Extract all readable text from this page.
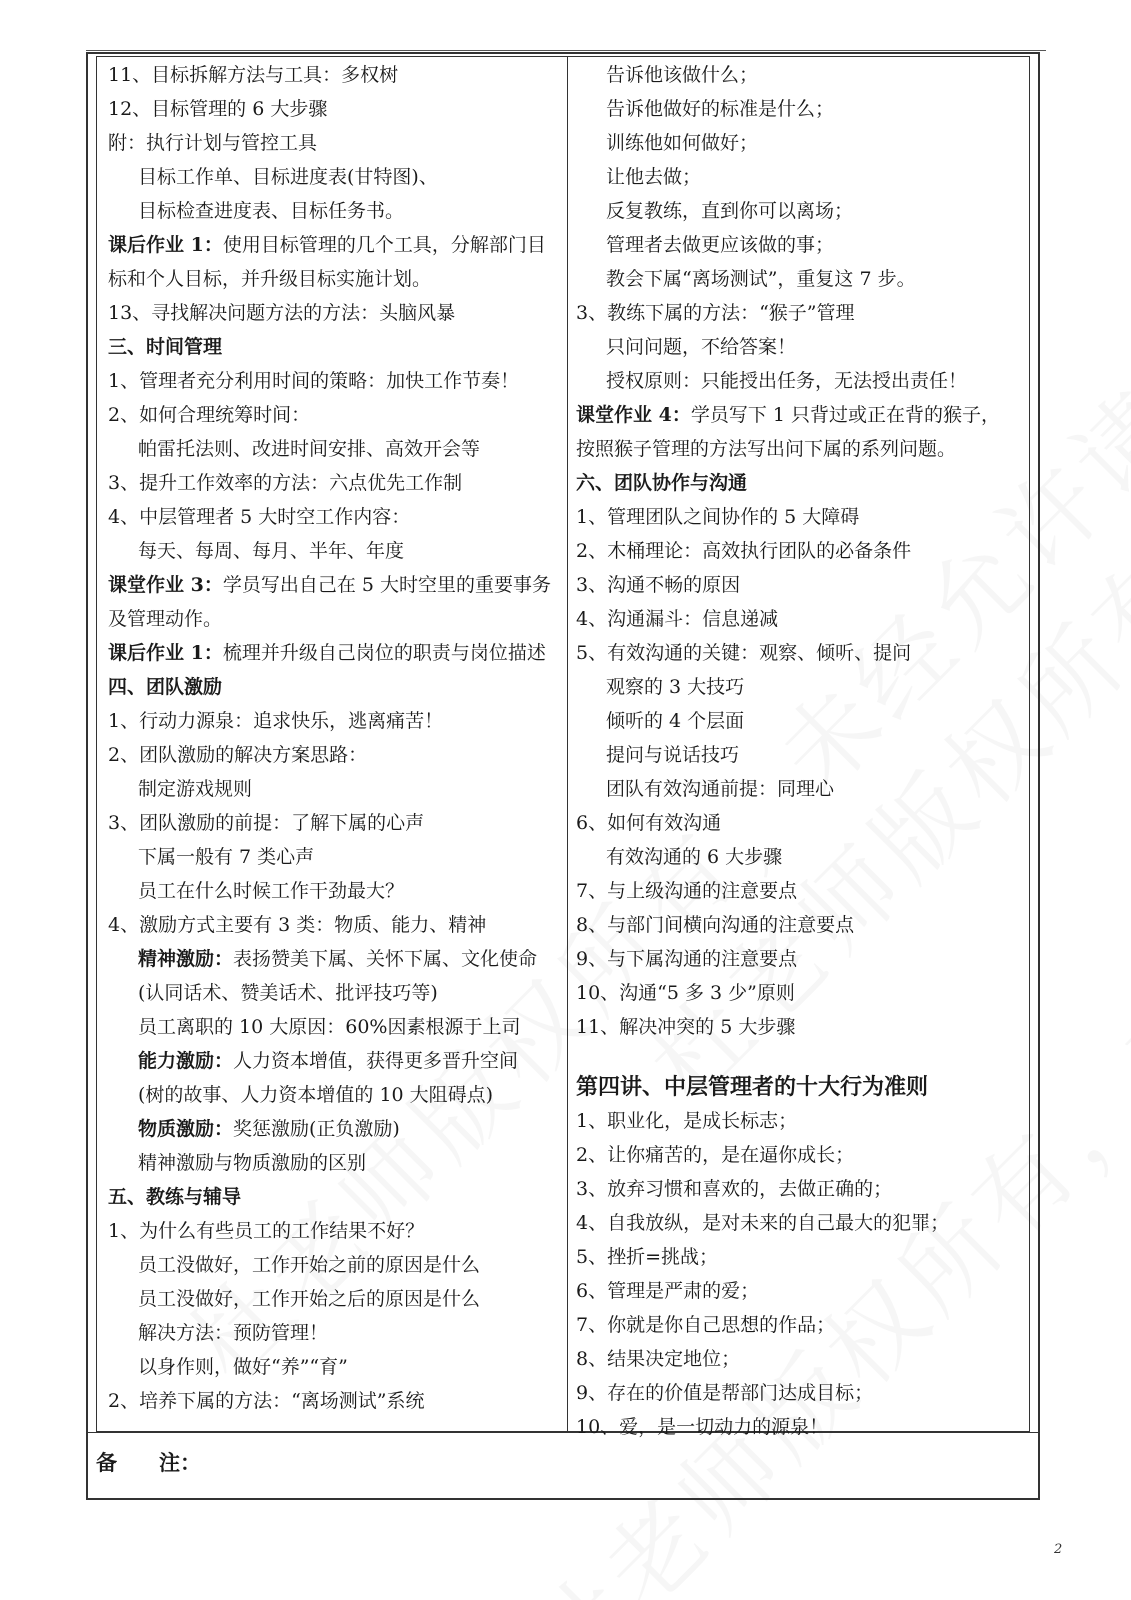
11、目标拆解方法与工具：多权树
12、目标管理的 6 大步骤
附：执行计划与管控工具
目标工作单、目标进度表(甘特图)、
目标检查进度表、目标任务书。
课后作业 1：使用目标管理的几个工具，分解部门目
标和个人目标，并升级目标实施计划。
13、寻找解决问题方法的方法：头脑风暴
三、时间管理
1、管理者充分利用时间的策略：加快工作节奏！
2、如何合理统筹时间：
帕雷托法则、改进时间安排、高效开会等
3、提升工作效率的方法：六点优先工作制
4、中层管理者 5 大时空工作内容：
每天、每周、每月、半年、年度
课堂作业 3：学员写出自己在 5 大时空里的重要事务
及管理动作。
课后作业 1：梳理并升级自己岗位的职责与岗位描述
四、团队激励
1、行动力源泉：追求快乐，逃离痛苦！
2、团队激励的解决方案思路：
制定游戏规则
3、团队激励的前提：了解下属的心声
下属一般有 7 类心声
员工在什么时候工作干劲最大？
4、激励方式主要有 3 类：物质、能力、精神
精神激励：表扬赞美下属、关怀下属、文化使命
(认同话术、赞美话术、批评技巧等)
员工离职的 10 大原因：60%因素根源于上司
能力激励：人力资本增值，获得更多晋升空间
(树的故事、人力资本增值的 10 大阻碍点)
物质激励：奖惩激励(正负激励)
精神激励与物质激励的区别
五、教练与辅导
1、为什么有些员工的工作结果不好？
员工没做好，工作开始之前的原因是什么
员工没做好，工作开始之后的原因是什么
解决方法：预防管理！
以身作则，做好“养”“育”
2、培养下属的方法：“离场测试”系统
告诉他该做什么；
告诉他做好的标准是什么；
训练他如何做好；
让他去做；
反复教练，直到你可以离场；
管理者去做更应该做的事；
教会下属“离场测试”，重复这 7 步。
3、教练下属的方法：“猴子”管理
只问问题，不给答案！
授权原则：只能授出任务，无法授出责任！
课堂作业 4：学员写下 1 只背过或正在背的猴子，
按照猴子管理的方法写出问下属的系列问题。
六、团队协作与沟通
1、管理团队之间协作的 5 大障碍
2、木桶理论：高效执行团队的必备条件
3、沟通不畅的原因
4、沟通漏斗：信息递减
5、有效沟通的关键：观察、倾听、提问
观察的 3 大技巧
倾听的 4 个层面
提问与说话技巧
团队有效沟通前提：同理心
6、如何有效沟通
有效沟通的 6 大步骤
7、与上级沟通的注意要点
8、与部门间横向沟通的注意要点
9、与下属沟通的注意要点
10、沟通“5 多 3 少”原则
11、解决冲突的 5 大步骤
第四讲、中层管理者的十大行为准则
1、职业化，是成长标志；
2、让你痛苦的，是在逼你成长；
3、放弃习惯和喜欢的，去做正确的；
4、自我放纵，是对未来的自己最大的犯罪；
5、挫折=挑战；
6、管理是严肃的爱；
7、你就是你自己思想的作品；
8、结果决定地位；
9、存在的价值是帮部门达成目标；
10、爱，是一切动力的源泉！
备　　注：
2
